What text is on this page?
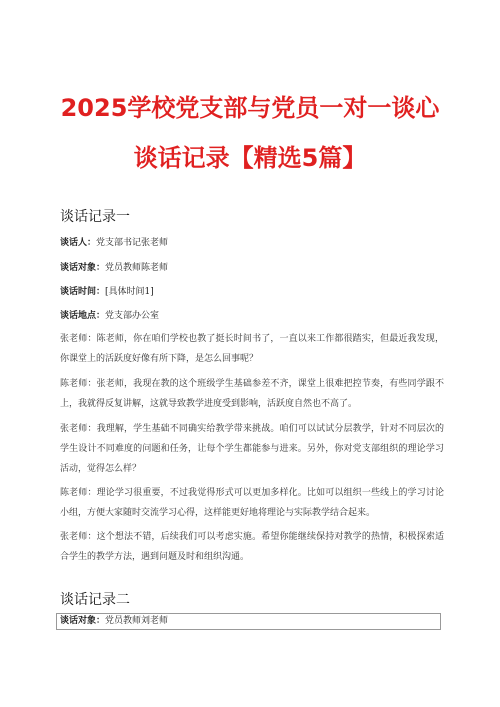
2025学校党支部与党员一对一谈心
谈话记录【精选5篇】
谈话记录一
谈话人：党支部书记张老师
谈话对象：党员教师陈老师
谈话时间：[具体时间1]
谈话地点：党支部办公室
张老师：陈老师，你在咱们学校也教了挺长时间书了，一直以来工作都很踏实，但最近我发现，你课堂上的活跃度好像有所下降，是怎么回事呢？
陈老师：张老师，我现在教的这个班级学生基础参差不齐，课堂上很难把控节奏，有些同学跟不上，我就得反复讲解，这就导致教学进度受到影响，活跃度自然也不高了。
张老师：我理解，学生基础不同确实给教学带来挑战。咱们可以试试分层教学，针对不同层次的学生设计不同难度的问题和任务，让每个学生都能参与进来。另外，你对党支部组织的理论学习活动，觉得怎么样？
陈老师：理论学习很重要，不过我觉得形式可以更加多样化。比如可以组织一些线上的学习讨论小组，方便大家随时交流学习心得，这样能更好地将理论与实际教学结合起来。
张老师：这个想法不错，后续我们可以考虑实施。希望你能继续保持对教学的热情，积极探索适合学生的教学方法，遇到问题及时和组织沟通。
谈话记录二
谈话对象：党员教师刘老师
